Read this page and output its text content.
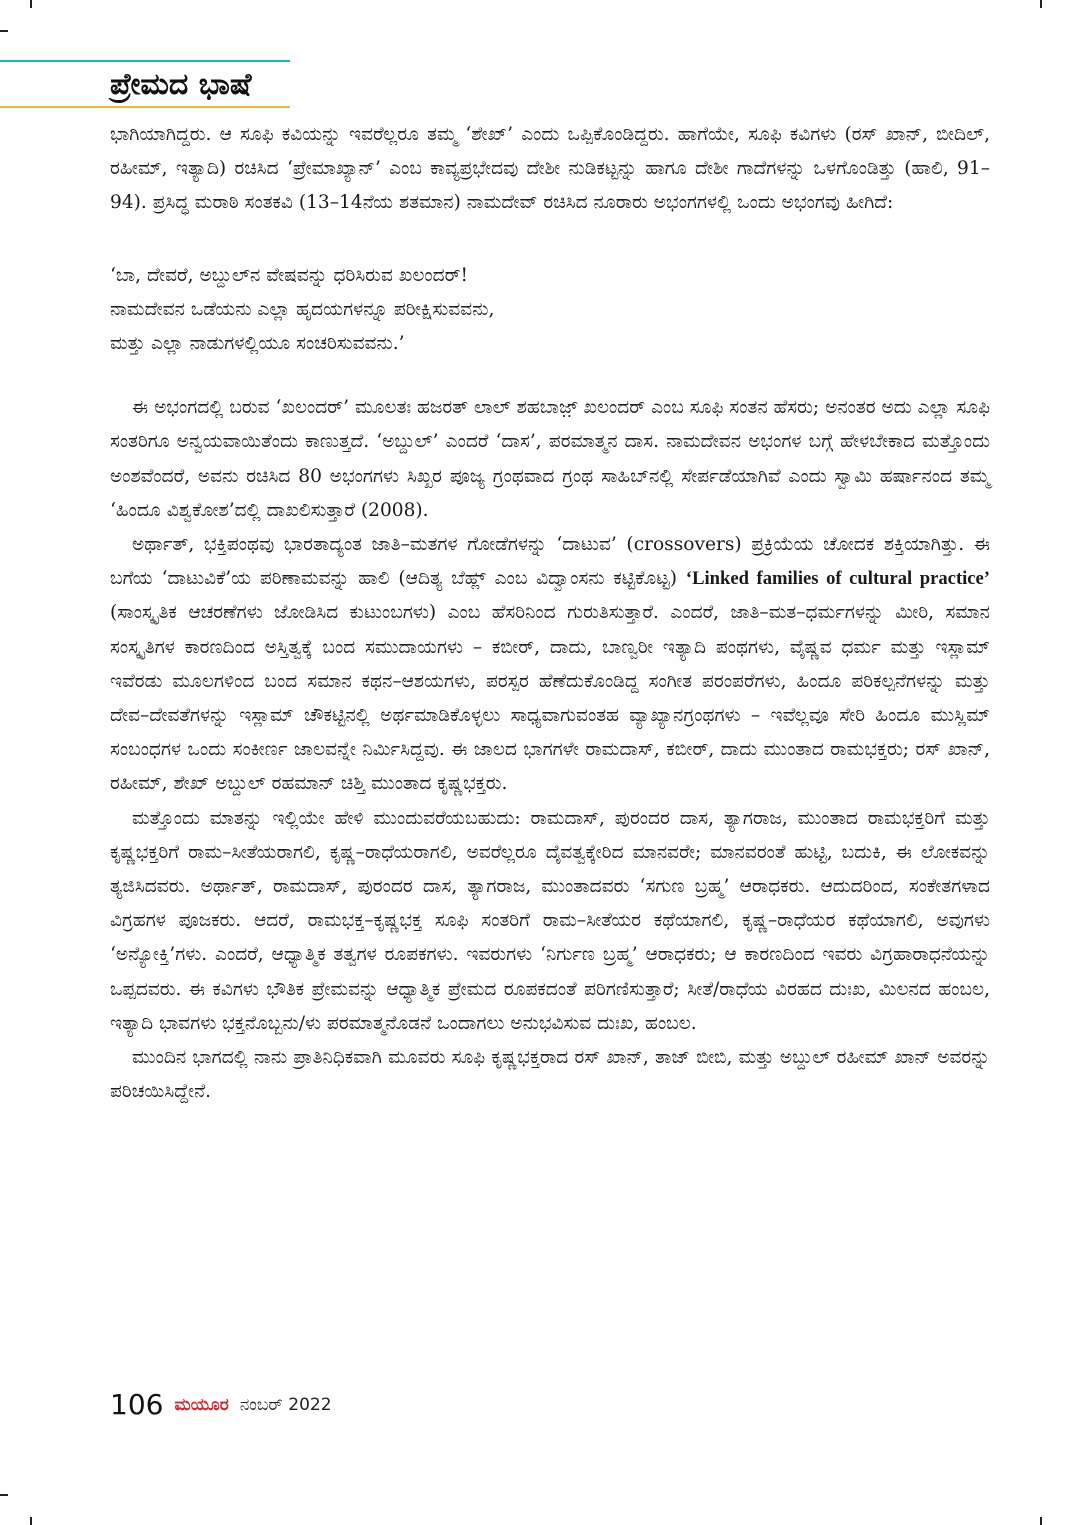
ಪ್ರೇಮದ ಭಾಷೆ

ಭಾಗಿಯಾಗಿದ್ದರು. ಆ ಸೂಫಿ ಕವಿಯನ್ನು ಇವರೆಲ್ಲರೂ ತಮ್ಮ ‘ಶೇಖ್’ ಎಂದು ಒಪ್ಪಿಕೊಂಡಿದ್ದರು. ಹಾಗೆಯೇ, ಸೂಫಿ ಕವಿಗಳು (ರಸ್ ಖಾನ್, ಬೀದಿಲ್, ರಹೀಮ್, ಇತ್ಯಾದಿ) ರಚಿಸಿದ ‘ಪ್ರೇಮಾಖ್ಯಾನ್’ ಎಂಬ ಕಾವ್ಯಪ್ರಭೇದವು ದೇಶೀ ನುಡಿಕಟ್ಟನ್ನು ಹಾಗೂ ದೇಶೀ ಗಾದೆಗಳನ್ನು ಒಳಗೊಂಡಿತ್ತು (ಹಾಲಿ, 91–94). ಪ್ರಸಿದ್ಧ ಮರಾಠಿ ಸಂತಕವಿ (13–14ನೆಯ ಶತಮಾನ) ನಾಮದೇವ್ ರಚಿಸಿದ ನೂರಾರು ಅಭಂಗಗಳಲ್ಲಿ ಒಂದು ಅಭಂಗವು ಹೀಗಿದೆ:

‘ಬಾ, ದೇವರೆ, ಅಬ್ದುಲ್‌ನ ವೇಷವನ್ನು ಧರಿಸಿರುವ ಖಲಂದರ್!
ನಾಮದೇವನ ಒಡೆಯನು ಎಲ್ಲಾ ಹೃದಯಗಳನ್ನೂ ಪರೀಕ್ಷಿಸುವವನು,
ಮತ್ತು ಎಲ್ಲಾ ನಾಡುಗಳಲ್ಲಿಯೂ ಸಂಚರಿಸುವವನು.’

ಈ ಅಭಂಗದಲ್ಲಿ ಬರುವ ‘ಖಲಂದರ್’ ಮೂಲತಃ ಹಜರತ್ ಲಾಲ್ ಶಹಬಾಜ಼್ ಖಲಂದರ್ ಎಂಬ ಸೂಫಿ ಸಂತನ ಹೆಸರು; ಅನಂತರ ಅದು ಎಲ್ಲಾ ಸೂಫಿ ಸಂತರಿಗೂ ಅನ್ವಯವಾಯಿತೆಂದು ಕಾಣುತ್ತದೆ. ‘ಅಬ್ದುಲ್’ ಎಂದರೆ ‘ದಾಸ’, ಪರಮಾತ್ಮನ ದಾಸ. ನಾಮದೇವನ ಅಭಂಗಳ ಬಗ್ಗೆ ಹೇಳಬೇಕಾದ ಮತ್ತೊಂದು ಅಂಶವೆಂದರೆ, ಅವನು ರಚಿಸಿದ 80 ಅಭಂಗಗಳು ಸಿಖ್ಖರ ಪೂಜ್ಯ ಗ್ರಂಥವಾದ ಗ್ರಂಥ ಸಾಹಿಬ್‌ನಲ್ಲಿ ಸೇರ್ಪಡೆಯಾಗಿವೆ ಎಂದು ಸ್ವಾಮಿ ಹರ್ಷಾನಂದ ತಮ್ಮ ‘ಹಿಂದೂ ವಿಶ್ವಕೋಶ’ದಲ್ಲಿ ದಾಖಲಿಸುತ್ತಾರೆ (2008).

ಅರ್ಥಾತ್, ಭಕ್ತಿಪಂಥವು ಭಾರತಾದ್ಯಂತ ಜಾತಿ–ಮತಗಳ ಗೋಡೆಗಳನ್ನು ‘ದಾಟುವ’ (crossovers) ಪ್ರಕ್ರಿಯೆಯ ಚೋದಕ ಶಕ್ತಿಯಾಗಿತ್ತು. ಈ ಬಗೆಯ ‘ದಾಟುವಿಕೆ’ಯ ಪರಿಣಾಮವನ್ನು ಹಾಲಿ (ಆದಿತ್ಯ ಬೆಹ್ಲ್ ಎಂಬ ವಿದ್ವಾಂಸನು ಕಟ್ಟಿಕೊಟ್ಟ) ‘Linked families of cultural practice’ (ಸಾಂಸ್ಕೃತಿಕ ಆಚರಣೆಗಳು ಜೋಡಿಸಿದ ಕುಟುಂಬಗಳು) ಎಂಬ ಹೆಸರಿನಿಂದ ಗುರುತಿಸುತ್ತಾರೆ. ಎಂದರೆ, ಜಾತಿ–ಮತ–ಧರ್ಮಗಳನ್ನು ಮೀರಿ, ಸಮಾನ ಸಂಸ್ಕೃತಿಗಳ ಕಾರಣದಿಂದ ಅಸ್ತಿತ್ವಕ್ಕೆ ಬಂದ ಸಮುದಾಯಗಳು – ಕಬೀರ್, ದಾದು, ಬಾಣ್ವರೀ ಇತ್ಯಾದಿ ಪಂಥಗಳು, ವೈಷ್ಣವ ಧರ್ಮ ಮತ್ತು ಇಸ್ಲಾಮ್ ಇವೆರಡು ಮೂಲಗಳಿಂದ ಬಂದ ಸಮಾನ ಕಥನ–ಆಶಯಗಳು, ಪರಸ್ಪರ ಹೆಣೆದುಕೊಂಡಿದ್ದ ಸಂಗೀತ ಪರಂಪರೆಗಳು, ಹಿಂದೂ ಪರಿಕಲ್ಪನೆಗಳನ್ನು ಮತ್ತು ದೇವ–ದೇವತೆಗಳನ್ನು ಇಸ್ಲಾಮ್ ಚೌಕಟ್ಟಿನಲ್ಲಿ ಅರ್ಥಮಾಡಿಕೊಳ್ಳಲು ಸಾಧ್ಯವಾಗುವಂತಹ ವ್ಯಾಖ್ಯಾನಗ್ರಂಥಗಳು – ಇವೆಲ್ಲವೂ ಸೇರಿ ಹಿಂದೂ ಮುಸ್ಲಿಮ್ ಸಂಬಂಧಗಳ ಒಂದು ಸಂಕೀರ್ಣ ಜಾಲವನ್ನೇ ನಿರ್ಮಿಸಿದ್ದವು. ಈ ಜಾಲದ ಭಾಗಗಳೇ ರಾಮದಾಸ್, ಕಬೀರ್, ದಾದು ಮುಂತಾದ ರಾಮಭಕ್ತರು; ರಸ್ ಖಾನ್, ರಹೀಮ್, ಶೇಖ್ ಅಬ್ದುಲ್ ರಹಮಾನ್ ಚಿಶ್ತಿ ಮುಂತಾದ ಕೃಷ್ಣಭಕ್ತರು.

ಮತ್ತೊಂದು ಮಾತನ್ನು ಇಲ್ಲಿಯೇ ಹೇಳಿ ಮುಂದುವರೆಯಬಹುದು: ರಾಮದಾಸ್, ಪುರಂದರ ದಾಸ, ತ್ಯಾಗರಾಜ, ಮುಂತಾದ ರಾಮಭಕ್ತರಿಗೆ ಮತ್ತು ಕೃಷ್ಣಭಕ್ತರಿಗೆ ರಾಮ–ಸೀತೆಯರಾಗಲಿ, ಕೃಷ್ಣ–ರಾಧೆಯರಾಗಲಿ, ಅವರೆಲ್ಲರೂ ದೈವತ್ವಕ್ಕೇರಿದ ಮಾನವರೇ; ಮಾನವರಂತೆ ಹುಟ್ಟಿ, ಬದುಕಿ, ಈ ಲೋಕವನ್ನು ತ್ಯಜಿಸಿದವರು. ಅರ್ಥಾತ್, ರಾಮದಾಸ್, ಪುರಂದರ ದಾಸ, ತ್ಯಾಗರಾಜ, ಮುಂತಾದವರು ‘ಸಗುಣ ಬ್ರಹ್ಮ’ ಆರಾಧಕರು. ಆದುದರಿಂದ, ಸಂಕೇತಗಳಾದ ವಿಗ್ರಹಗಳ ಪೂಜಕರು. ಆದರೆ, ರಾಮಭಕ್ತ–ಕೃಷ್ಣಭಕ್ತ ಸೂಫಿ ಸಂತರಿಗೆ ರಾಮ–ಸೀತೆಯರ ಕಥೆಯಾಗಲಿ, ಕೃಷ್ಣ–ರಾಧೆಯರ ಕಥೆಯಾಗಲಿ, ಅವುಗಳು ‘ಅನ್ಯೋಕ್ತಿ’ಗಳು. ಎಂದರೆ, ಆಧ್ಯಾತ್ಮಿಕ ತತ್ವಗಳ ರೂಪಕಗಳು. ಇವರುಗಳು ‘ನಿರ್ಗುಣ ಬ್ರಹ್ಮ’ ಆರಾಧಕರು; ಆ ಕಾರಣದಿಂದ ಇವರು ವಿಗ್ರಹಾರಾಧನೆಯನ್ನು ಒಪ್ಪದವರು. ಈ ಕವಿಗಳು ಭೌತಿಕ ಪ್ರೇಮವನ್ನು ಆಧ್ಯಾತ್ಮಿಕ ಪ್ರೇಮದ ರೂಪಕದಂತೆ ಪರಿಗಣಿಸುತ್ತಾರೆ; ಸೀತೆ/ರಾಧೆಯ ವಿರಹದ ದುಃಖ, ಮಿಲನದ ಹಂಬಲ, ಇತ್ಯಾದಿ ಭಾವಗಳು ಭಕ್ತನೊಬ್ಬನು/ಳು ಪರಮಾತ್ಮನೊಡನೆ ಒಂದಾಗಲು ಅನುಭವಿಸುವ ದುಃಖ, ಹಂಬಲ.

ಮುಂದಿನ ಭಾಗದಲ್ಲಿ ನಾನು ಪ್ರಾತಿನಿಧಿಕವಾಗಿ ಮೂವರು ಸೂಫಿ ಕೃಷ್ಣಭಕ್ತರಾದ ರಸ್ ಖಾನ್, ತಾಜ್ ಬೀಬಿ, ಮತ್ತು ಅಬ್ದುಲ್ ರಹೀಮ್ ಖಾನ್ ಅವರನ್ನು ಪರಿಚಯಿಸಿದ್ದೇನೆ.

106 ಮಯೂರ ನಂಬರ್ 2022
